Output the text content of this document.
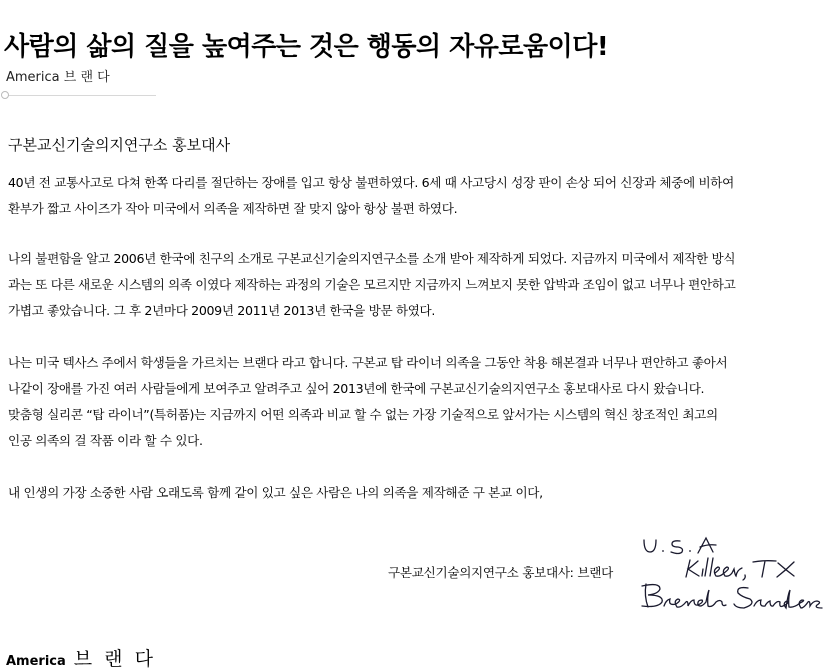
사람의 삶의 질을 높여주는 것은 행동의 자유로움이다!
America 브 랜 다
구본교신기술의지연구소 홍보대사
40년 전 교통사고로 다쳐 한쪽 다리를 절단하는 장애를 입고 항상 불편하였다. 6세 때 사고당시 성장 판이 손상 되어 신장과 체중에 비하여
환부가 짧고 사이즈가 작아 미국에서 의족을 제작하면 잘 맞지 않아 항상 불편 하였다.
나의 불편함을 알고 2006년 한국에 친구의 소개로 구본교신기술의지연구소를 소개 받아 제작하게 되었다. 지금까지 미국에서 제작한 방식
과는 또 다른 새로운 시스템의 의족 이였다 제작하는 과정의 기술은 모르지만 지금까지 느껴보지 못한 압박과 조임이 없고 너무나 편안하고
가볍고 좋았습니다. 그 후 2년마다 2009년 2011년 2013년 한국을 방문 하였다.
나는 미국 텍사스 주에서 학생들을 가르치는 브랜다 라고 합니다. 구본교 탑 라이너 의족을 그동안 착용 해본결과 너무나 편안하고 좋아서
나같이 장애를 가진 여러 사람들에게 보여주고 알려주고 싶어 2013년에 한국에 구본교신기술의지연구소 홍보대사로 다시 왔습니다.
맞춤형 실리콘 “탑 라이너”(특허품)는 지금까지 어떤 의족과 비교 할 수 없는 가장 기술적으로 앞서가는 시스템의 혁신 창조적인 최고의
인공 의족의 걸 작품 이라 할 수 있다.
내 인생의 가장 소중한 사람 오래도록 함께 같이 있고 싶은 사람은 나의 의족을 제작해준 구 본교 이다,
구본교신기술의지연구소 홍보대사: 브랜다
America 브 랜 다
